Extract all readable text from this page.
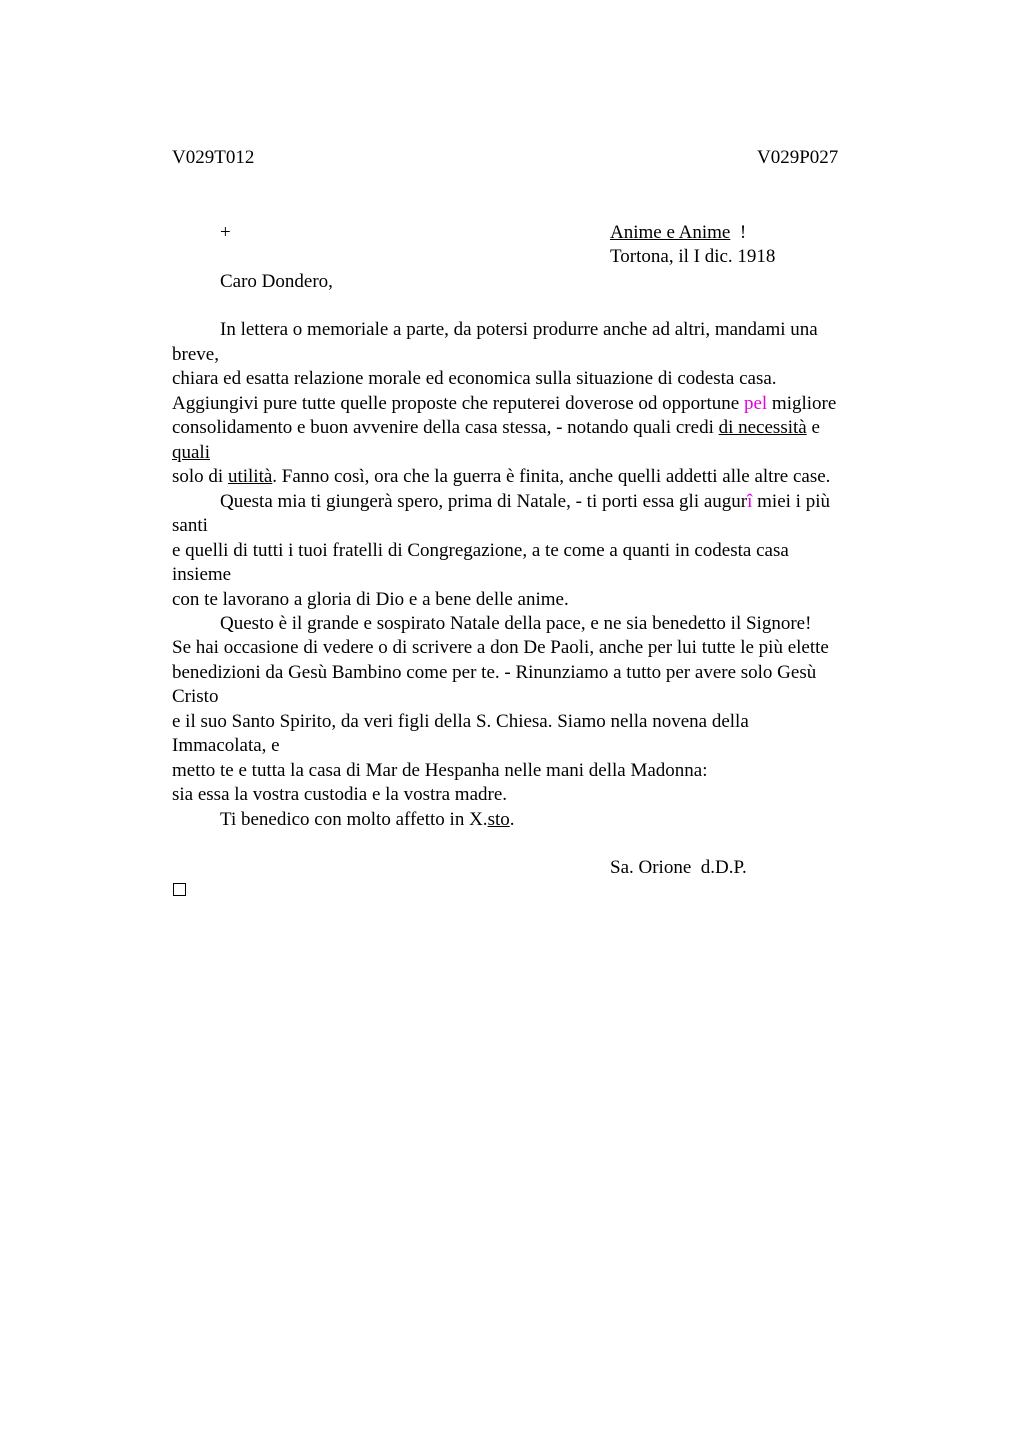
V029T012	V029P027
+	Anime e Anime  !
Tortona, il I dic. 1918
Caro Dondero,
In lettera o memoriale a parte, da potersi produrre anche ad altri, mandami una
breve,
chiara ed esatta relazione morale ed economica sulla situazione di codesta casa.
Aggiungivi pure tutte quelle proposte che reputerei doverose od opportune pel migliore
consolidamento e buon avvenire della casa stessa, - notando quali credi di necessità e
quali
solo di utilità. Fanno così, ora che la guerra è finita, anche quelli addetti alle altre case.
Questa mia ti giungerà spero, prima di Natale, - ti porti essa gli augurî miei i più
santi
e quelli di tutti i tuoi fratelli di Congregazione, a te come a quanti in codesta casa
insieme
con te lavorano a gloria di Dio e a bene delle anime.
Questo è il grande e sospirato Natale della pace, e ne sia benedetto il Signore!
Se hai occasione di vedere o di scrivere a don De Paoli, anche per lui tutte le più elette
benedizioni da Gesù Bambino come per te. - Rinunziamo a tutto per avere solo Gesù
Cristo
e il suo Santo Spirito, da veri figli della S. Chiesa. Siamo nella novena della
Immacolata, e
metto te e tutta la casa di Mar de Hespanha nelle mani della Madonna:
sia essa la vostra custodia e la vostra madre.
Ti benedico con molto affetto in X.sto.
Sa. Orione  d.D.P.
